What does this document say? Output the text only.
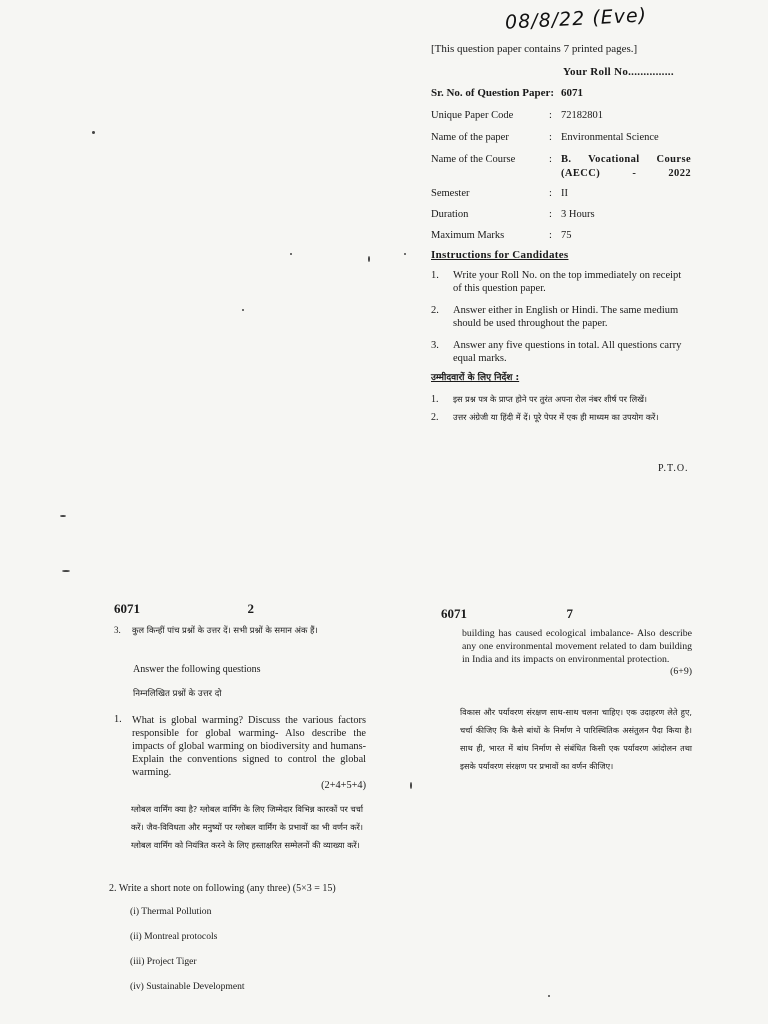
08/8/22 (Eve)
[This question paper contains 7 printed pages.]
Your Roll No...............
Sr. No. of Question Paper: 6071
Unique Paper Code	: 72182801
Name of the paper	: Environmental Science
Name of the Course	: B. Vocational Course (AECC) - 2022
Semester	: II
Duration	: 3 Hours
Maximum Marks	: 75
Instructions for Candidates
1.	Write your Roll No. on the top immediately on receipt of this question paper.
2.	Answer either in English or Hindi. The same medium should be used throughout the paper.
3.	Answer any five questions in total. All questions carry equal marks.
उम्मीदवारों के लिए निर्देश :
1.	इस प्रश्न पत्र के प्राप्त होने पर तुरंत अपना रोल नंबर शीर्ष पर लिखें।
2.	उत्तर अंग्रेजी या हिंदी में दें। पूरे पेपर में एक ही माध्यम का उपयोग करें।
P.T.O.
6071	2
3.	कुल किन्हीं पांच प्रश्नों के उत्तर दें। सभी प्रश्नों के समान अंक हैं।
Answer the following questions
निम्नलिखित प्रश्नों के उत्तर दो
1. What is global warming? Discuss the various factors responsible for global warming- Also describe the impacts of global warming on biodiversity and humans- Explain the conventions signed to control the global warming.
(2+4+5+4)
ग्लोबल वार्मिंग क्या है? ग्लोबल वार्मिंग के लिए जिम्मेदार विभिन्न कारकों पर चर्चा करें। जैव-विविधता और मनुष्यों पर ग्लोबल वार्मिंग के प्रभावों का भी वर्णन करें। ग्लोबल वार्मिंग को नियंत्रित करने के लिए हस्ताक्षरित सम्मेलनों की व्याख्या करें।
2. Write a short note on following (any three) (5×3 = 15)
(i) Thermal Pollution
(ii) Montreal protocols
(iii) Project Tiger
(iv) Sustainable Development
6071	7
building has caused ecological imbalance- Also describe any one environmental movement related to dam building in India and its impacts on environmental protection.
(6+9)
विकास और पर्यावरण संरक्षण साथ-साथ चलना चाहिए। एक उदाहरण लेते हुए, चर्चा कीजिए कि कैसे बांधों के निर्माण ने पारिस्थितिक असंतुलन पैदा किया है। साथ ही, भारत में बांध निर्माण से संबंधित किसी एक पर्यावरण आंदोलन तथा इसके पर्यावरण संरक्षण पर प्रभावों का वर्णन कीजिए।
